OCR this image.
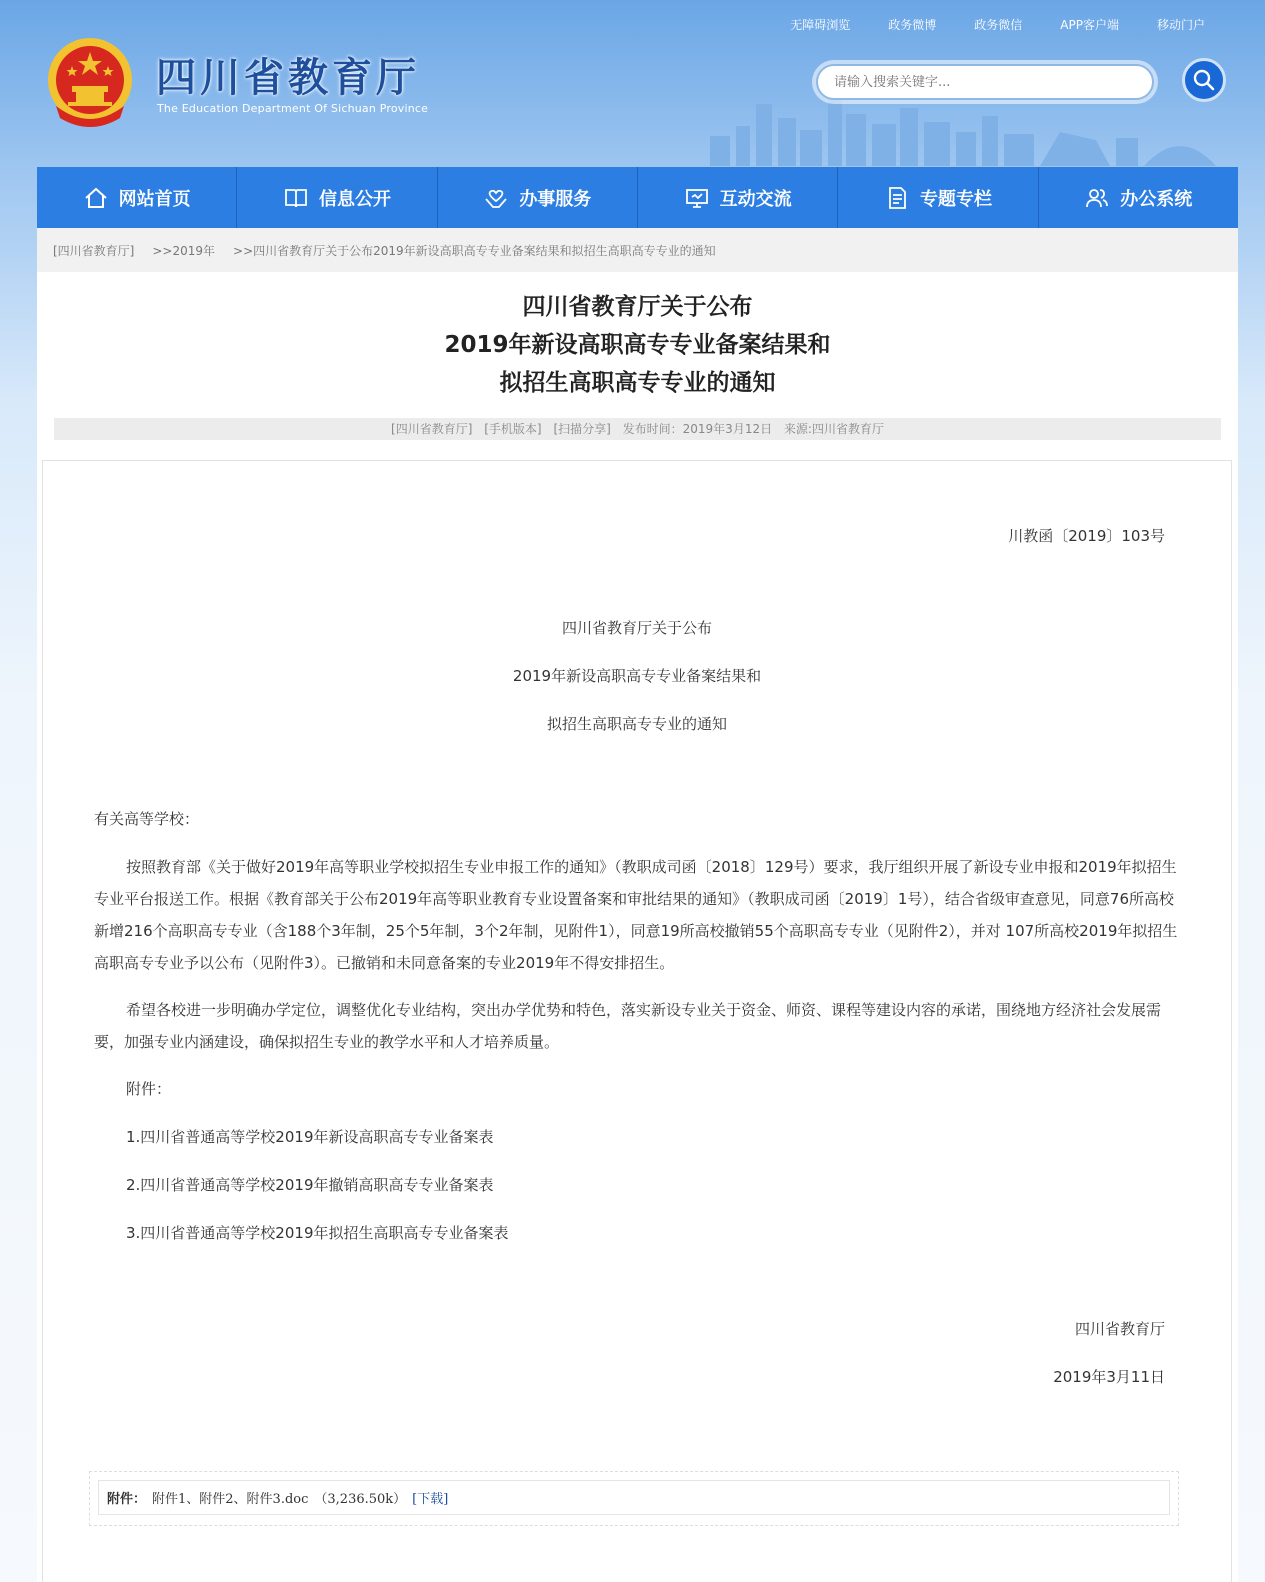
四川省教育厅
The Education Department Of Sichuan Province
无障碍浏览	政务微博	政务微信	APP客户端	移动门户
请输入搜索关键字...
网站首页	信息公开	办事服务	互动交流	专题专栏	办公系统
[四川省教育厅] >>2019年 >>四川省教育厅关于公布2019年新设高职高专专业备案结果和拟招生高职高专专业的通知
四川省教育厅关于公布
2019年新设高职高专专业备案结果和
拟招生高职高专专业的通知
[四川省教育厅] [手机版本] [扫描分享] 发布时间：2019年3月12日 来源:四川省教育厅
川教函〔2019〕103号
四川省教育厅关于公布
2019年新设高职高专专业备案结果和
拟招生高职高专专业的通知
有关高等学校：
按照教育部《关于做好2019年高等职业学校拟招生专业申报工作的通知》（教职成司函〔2018〕129号）要求，我厅组织开展了新设专业申报和2019年拟招生专业平台报送工作。根据《教育部关于公布2019年高等职业教育专业设置备案和审批结果的通知》（教职成司函〔2019〕1号），结合省级审查意见，同意76所高校新增216个高职高专专业（含188个3年制，25个5年制，3个2年制，见附件1），同意19所高校撤销55个高职高专专业（见附件2），并对 107所高校2019年拟招生高职高专专业予以公布（见附件3）。已撤销和未同意备案的专业2019年不得安排招生。
希望各校进一步明确办学定位，调整优化专业结构，突出办学优势和特色，落实新设专业关于资金、师资、课程等建设内容的承诺，围绕地方经济社会发展需要，加强专业内涵建设，确保拟招生专业的教学水平和人才培养质量。
附件：
1.四川省普通高等学校2019年新设高职高专专业备案表
2.四川省普通高等学校2019年撤销高职高专专业备案表
3.四川省普通高等学校2019年拟招生高职高专专业备案表
四川省教育厅
2019年3月11日
附件： 附件1、附件2、附件3.doc （3,236.50k） [下载]
